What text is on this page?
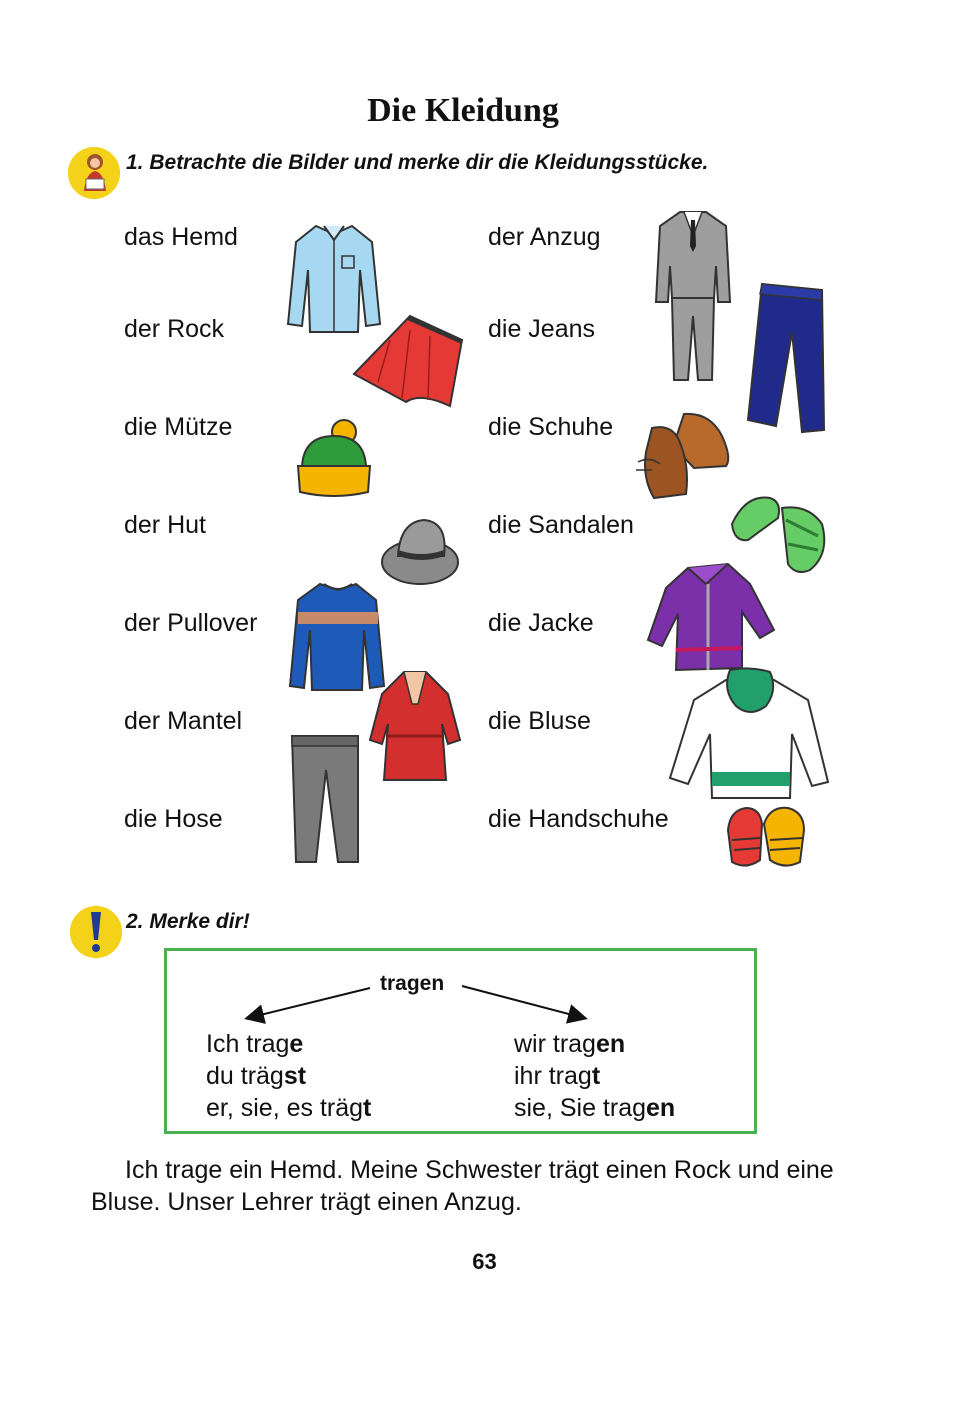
Die Kleidung
1. Betrachte die Bilder und merke dir die Kleidungsstücke.
das Hemd
der Rock
die Mütze
der Hut
der Pullover
der Mantel
die Hose
der Anzug
die Jeans
die Schuhe
die Sandalen
die Jacke
die Bluse
die Handschuhe
2. Merke dir!
tragen
Ich trage
du trägst
er, sie, es trägt
wir tragen
ihr tragt
sie, Sie tragen
Ich trage ein Hemd. Meine Schwester trägt einen Rock und eine Bluse. Unser Lehrer trägt einen Anzug.
63
